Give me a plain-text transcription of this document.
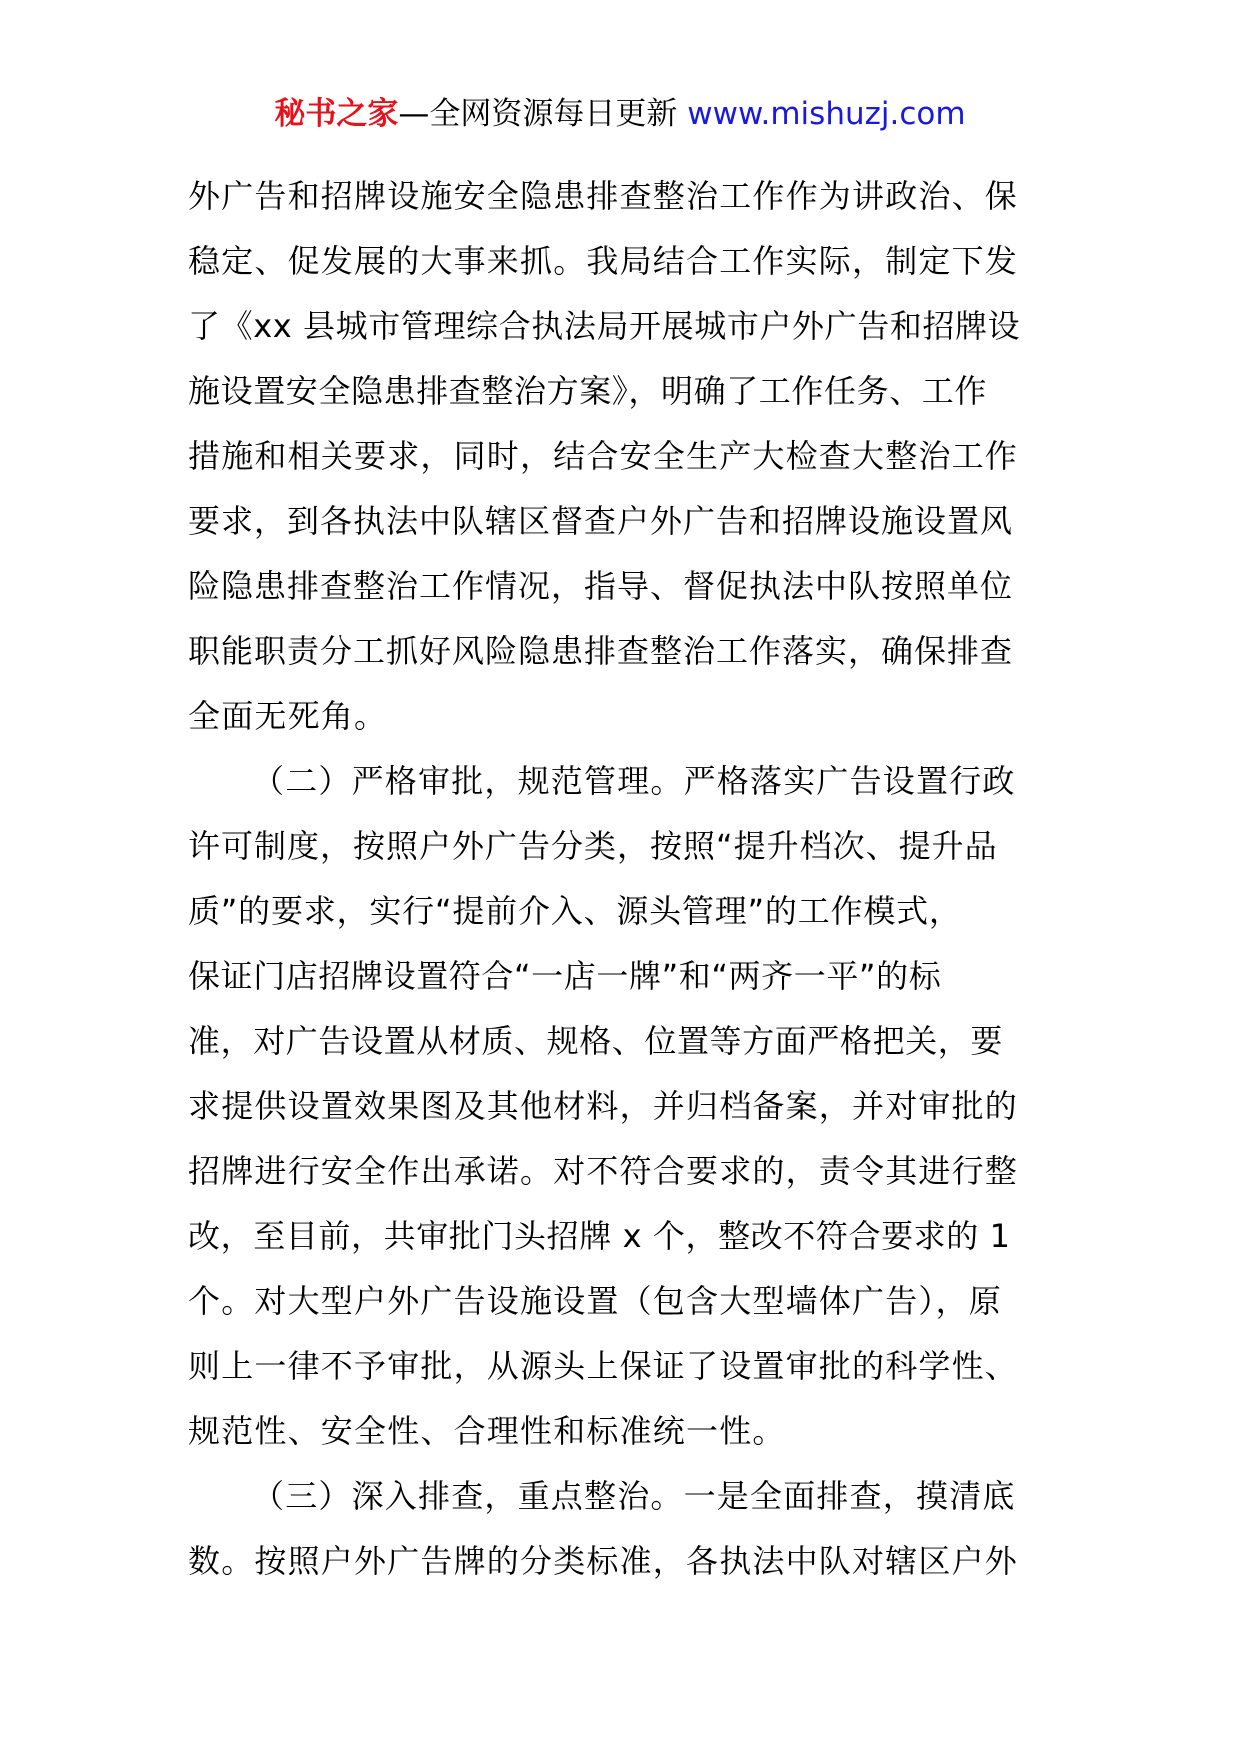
秘书之家—全网资源每日更新 www.mishuzj.com
外广告和招牌设施安全隐患排查整治工作作为讲政治、保
稳定、促发展的大事来抓。我局结合工作实际，制定下发
了《xx 县城市管理综合执法局开展城市户外广告和招牌设
施设置安全隐患排查整治方案》，明确了工作任务、工作
措施和相关要求，同时，结合安全生产大检查大整治工作
要求，到各执法中队辖区督查户外广告和招牌设施设置风
险隐患排查整治工作情况，指导、督促执法中队按照单位
职能职责分工抓好风险隐患排查整治工作落实，确保排查
全面无死角。
（二）严格审批，规范管理。严格落实广告设置行政
许可制度，按照户外广告分类，按照“提升档次、提升品
质”的要求，实行“提前介入、源头管理”的工作模式，
保证门店招牌设置符合“一店一牌”和“两齐一平”的标
准，对广告设置从材质、规格、位置等方面严格把关，要
求提供设置效果图及其他材料，并归档备案，并对审批的
招牌进行安全作出承诺。对不符合要求的，责令其进行整
改，至目前，共审批门头招牌 x 个，整改不符合要求的 1
个。对大型户外广告设施设置（包含大型墙体广告），原
则上一律不予审批，从源头上保证了设置审批的科学性、
规范性、安全性、合理性和标准统一性。
（三）深入排查，重点整治。一是全面排查，摸清底
数。按照户外广告牌的分类标准，各执法中队对辖区户外
